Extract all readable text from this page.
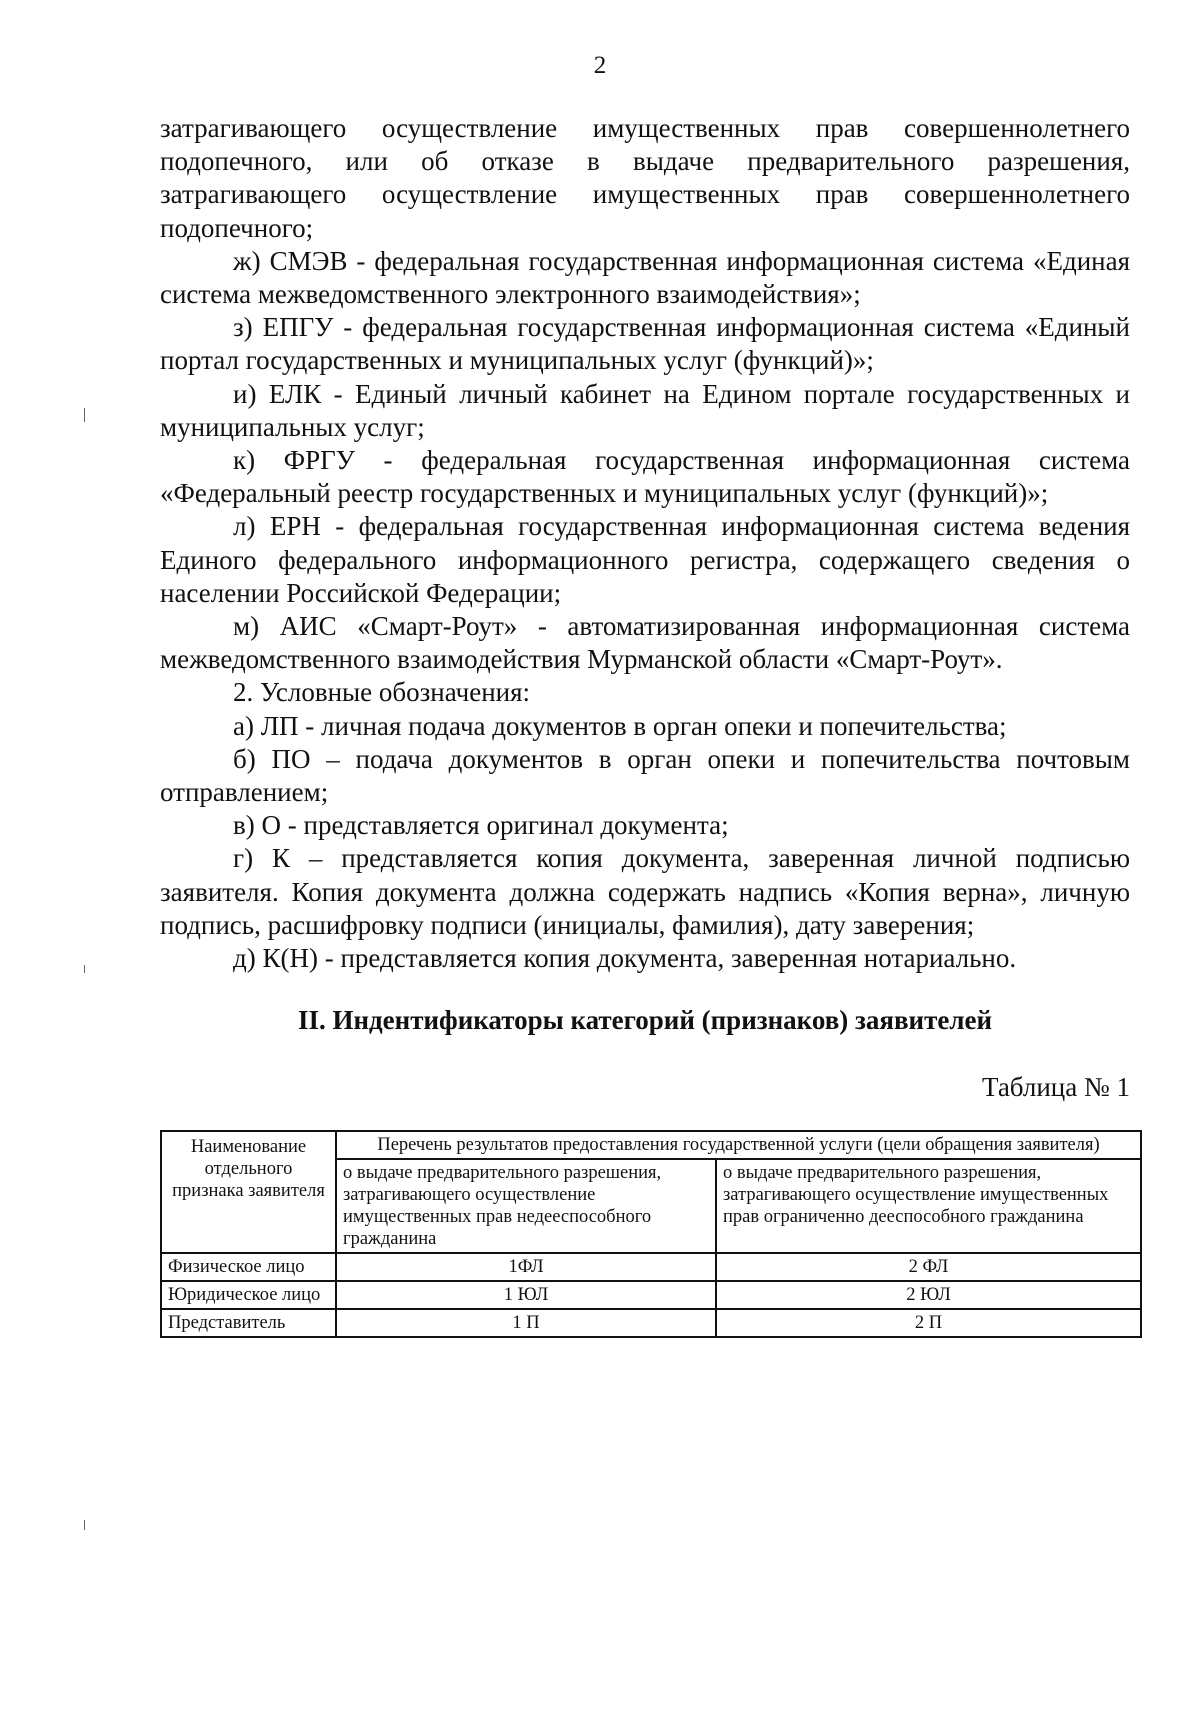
2

затрагивающего осуществление имущественных прав совершеннолетнего подопечного, или об отказе в выдаче предварительного разрешения, затрагивающего осуществление имущественных прав совершеннолетнего подопечного;

ж) СМЭВ - федеральная государственная информационная система «Единая система межведомственного электронного взаимодействия»;

з) ЕПГУ - федеральная государственная информационная система «Единый портал государственных и муниципальных услуг (функций)»;

и) ЕЛК - Единый личный кабинет на Едином портале государственных и муниципальных услуг;

к) ФРГУ - федеральная государственная информационная система «Федеральный реестр государственных и муниципальных услуг (функций)»;

л) ЕРН - федеральная государственная информационная система ведения Единого федерального информационного регистра, содержащего сведения о населении Российской Федерации;

м) АИС «Смарт-Роут» - автоматизированная информационная система межведомственного взаимодействия Мурманской области «Смарт-Роут».

2. Условные обозначения:

а) ЛП - личная подача документов в орган опеки и попечительства;

б) ПО – подача документов в орган опеки и попечительства почтовым отправлением;

в) О - представляется оригинал документа;

г) К – представляется копия документа, заверенная личной подписью заявителя. Копия документа должна содержать надпись «Копия верна», личную подпись, расшифровку подписи (инициалы, фамилия), дату заверения;

д) К(Н) - представляется копия документа, заверенная нотариально.

II. Индентификаторы категорий (признаков) заявителей
Таблица № 1
Наименование отдельного признака заявителя	Перечень результатов предоставления государственной услуги (цели обращения заявителя)	
	о выдаче предварительного разрешения, затрагивающего осуществление имущественных прав недееспособного гражданина	о выдаче предварительного разрешения, затрагивающего осуществление имущественных прав ограниченно дееспособного гражданина
Физическое лицо	1ФЛ	2 ФЛ
Юридическое лицо	1 ЮЛ	2 ЮЛ
Представитель	1 П	2 П
